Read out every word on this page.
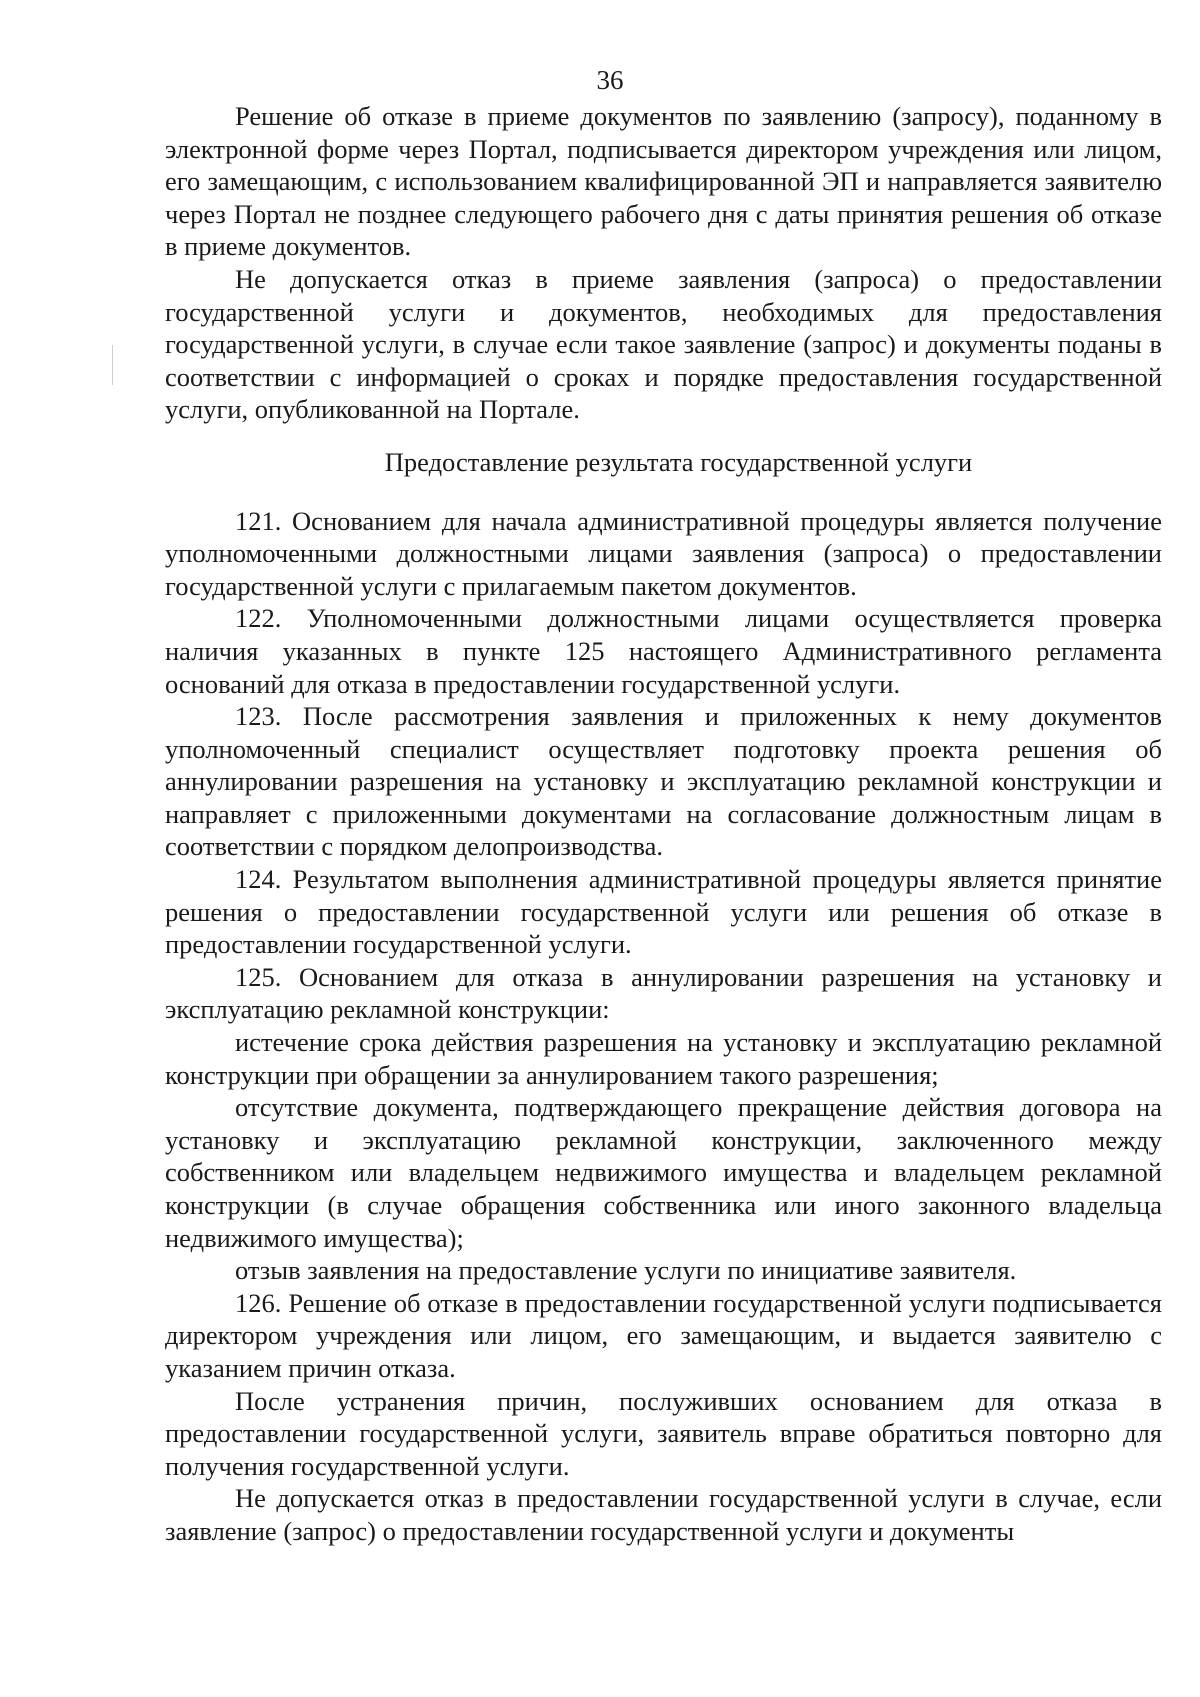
36

Решение об отказе в приеме документов по заявлению (запросу), поданному в электронной форме через Портал, подписывается директором учреждения или лицом, его замещающим, с использованием квалифицированной ЭП и направляется заявителю через Портал не позднее следующего рабочего дня с даты принятия решения об отказе в приеме документов.

Не допускается отказ в приеме заявления (запроса) о предоставлении государственной услуги и документов, необходимых для предоставления государственной услуги, в случае если такое заявление (запрос) и документы поданы в соответствии с информацией о сроках и порядке предоставления государственной услуги, опубликованной на Портале.

Предоставление результата государственной услуги

121. Основанием для начала административной процедуры является получение уполномоченными должностными лицами заявления (запроса) о предоставлении государственной услуги с прилагаемым пакетом документов.

122. Уполномоченными должностными лицами осуществляется проверка наличия указанных в пункте 125 настоящего Административного регламента оснований для отказа в предоставлении государственной услуги.

123. После рассмотрения заявления и приложенных к нему документов уполномоченный специалист осуществляет подготовку проекта решения об аннулировании разрешения на установку и эксплуатацию рекламной конструкции и направляет с приложенными документами на согласование должностным лицам в соответствии с порядком делопроизводства.

124. Результатом выполнения административной процедуры является принятие решения о предоставлении государственной услуги или решения об отказе в предоставлении государственной услуги.

125. Основанием для отказа в аннулировании разрешения на установку и эксплуатацию рекламной конструкции:

истечение срока действия разрешения на установку и эксплуатацию рекламной конструкции при обращении за аннулированием такого разрешения;

отсутствие документа, подтверждающего прекращение действия договора на установку и эксплуатацию рекламной конструкции, заключенного между собственником или владельцем недвижимого имущества и владельцем рекламной конструкции (в случае обращения собственника или иного законного владельца недвижимого имущества);

отзыв заявления на предоставление услуги по инициативе заявителя.

126. Решение об отказе в предоставлении государственной услуги подписывается директором учреждения или лицом, его замещающим, и выдается заявителю с указанием причин отказа.

После устранения причин, послуживших основанием для отказа в предоставлении государственной услуги, заявитель вправе обратиться повторно для получения государственной услуги.

Не допускается отказ в предоставлении государственной услуги в случае, если заявление (запрос) о предоставлении государственной услуги и документы
